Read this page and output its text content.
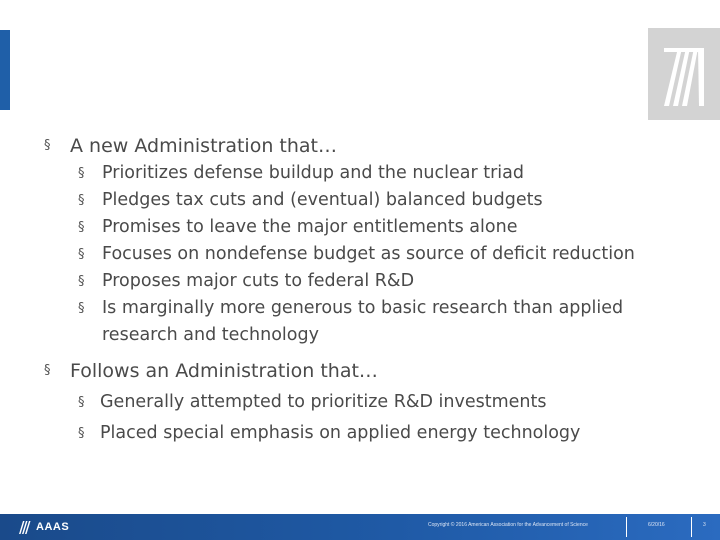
§ A new Administration that…
§ Prioritizes defense buildup and the nuclear triad
§ Pledges tax cuts and (eventual) balanced budgets
§ Promises to leave the major entitlements alone
§ Focuses on nondefense budget as source of deficit reduction
§ Proposes major cuts to federal R&D
§ Is marginally more generous to basic research than applied
research and technology
§ Follows an Administration that…
§ Generally attempted to prioritize R&D investments
§ Placed special emphasis on applied energy technology
AAAS	Copyright © 2016 American Association for the Advancement of Science	6/20/16	3
